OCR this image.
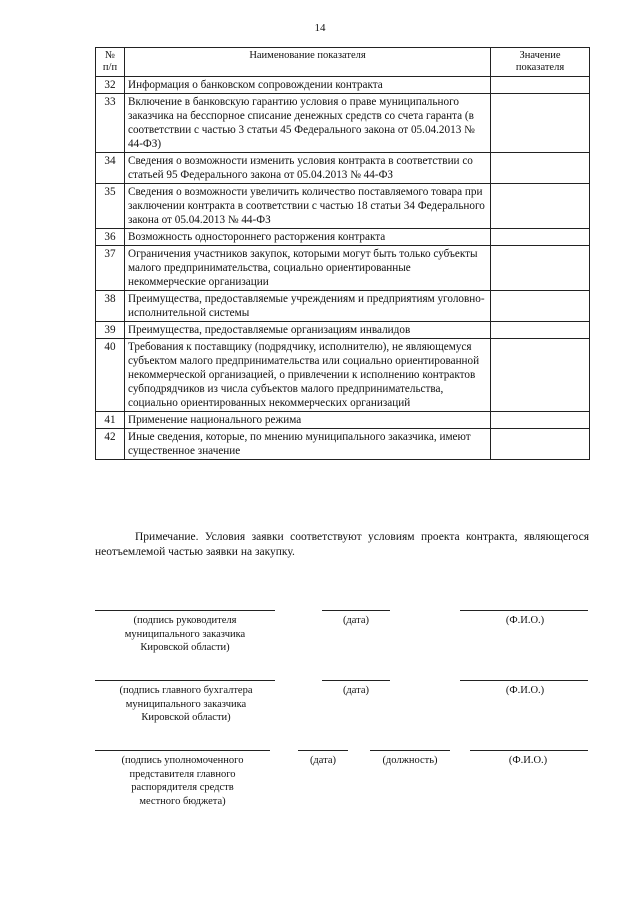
14
№
п/п	Наименование показателя	Значение
показателя
32	Информация о банковском сопровождении контракта	
33	Включение в банковскую гарантию условия о праве муниципального заказчика на бесспорное списание денежных средств со счета гаранта (в соответствии с частью 3 статьи 45 Федерального закона от 05.04.2013 № 44-ФЗ)	
34	Сведения о возможности изменить условия контракта в соответствии со статьей 95 Федерального закона от 05.04.2013 № 44-ФЗ	
35	Сведения о возможности увеличить количество поставляемого товара при заключении контракта в соответствии с частью 18 статьи 34 Федерального закона от 05.04.2013 № 44-ФЗ	
36	Возможность одностороннего расторжения контракта	
37	Ограничения участников закупок, которыми могут быть только субъекты малого предпринимательства, социально ориентированные некоммерческие организации	
38	Преимущества, предоставляемые учреждениям и предприятиям уголовно-исполнительной системы	
39	Преимущества, предоставляемые организациям инвалидов	
40	Требования к поставщику (подрядчику, исполнителю), не являющемуся субъектом малого предпринимательства или социально ориентированной некоммерческой организацией, о привлечении к исполнению контрактов субподрядчиков из числа субъектов малого предпринимательства, социально ориентированных некоммерческих организаций	
41	Применение национального режима	
42	Иные сведения, которые, по мнению муниципального заказчика, имеют существенное значение	
Примечание. Условия заявки соответствуют условиям проекта контракта, являющегося неотъемлемой частью заявки на закупку.
(подпись руководителя
муниципального заказчика
Кировской области)
(дата)	(Ф.И.О.)
(подпись главного бухгалтера
муниципального заказчика
Кировской области)
(дата)	(Ф.И.О.)
(подпись уполномоченного
представителя главного
распорядителя средств
местного бюджета)
(дата)	(должность)	(Ф.И.О.)
